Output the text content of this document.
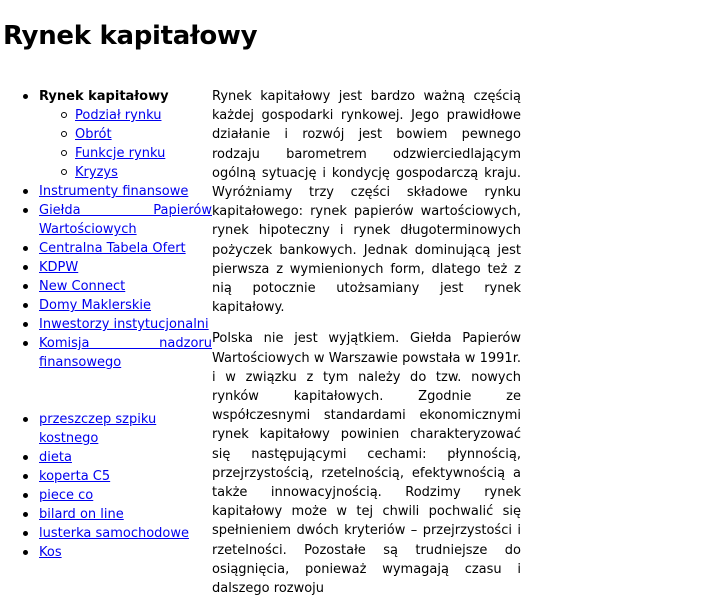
Rynek kapitałowy
Rynek kapitałowy
Podział rynku
Obrót
Funkcje rynku
Kryzys
Instrumenty finansowe
Giełda Papierów
Wartościowych
Centralna Tabela Ofert
KDPW
New Connect
Domy Maklerskie
Inwestorzy instytucjonalni
Komisja nadzoru
finansowego
przeszczep szpiku kostnego
dieta
koperta C5
piece co
bilard on line
lusterka samochodowe
Kos

Rynek kapitałowy jest bardzo ważną częścią każdej gospodarki rynkowej. Jego prawidłowe działanie i rozwój jest bowiem pewnego rodzaju barometrem odzwierciedlającym ogólną sytuację i kondycję gospodarczą kraju. Wyróżniamy trzy części składowe rynku kapitałowego: rynek papierów wartościowych, rynek hipoteczny i rynek długoterminowych pożyczek bankowych. Jednak dominującą jest pierwsza z wymienionych form, dlatego też z nią potocznie utożsamiany jest rynek kapitałowy.

Polska nie jest wyjątkiem. Giełda Papierów Wartościowych w Warszawie powstała w 1991r. i w związku z tym należy do tzw. nowych rynków kapitałowych. Zgodnie ze współczesnymi standardami ekonomicznymi rynek kapitałowy powinien charakteryzować się następującymi cechami: płynnością, przejrzystością, rzetelnością, efektywnością a także innowacyjnością. Rodzimy rynek kapitałowy może w tej chwili pochwalić się spełnieniem dwóch kryteriów – przejrzystości i rzetelności. Pozostałe są trudniejsze do osiągnięcia, ponieważ wymagają czasu i dalszego rozwoju
